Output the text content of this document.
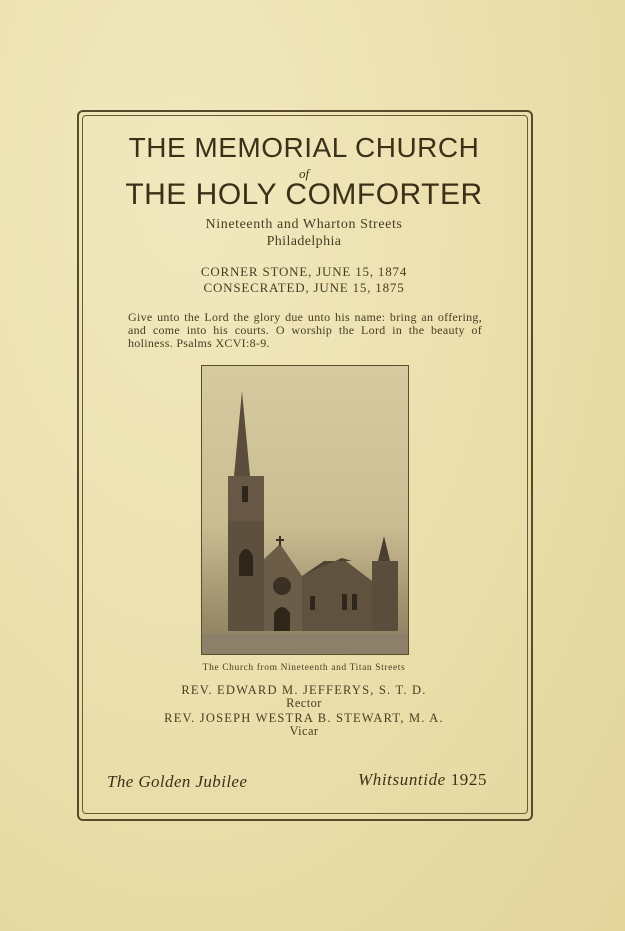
THE MEMORIAL CHURCH
of
THE HOLY COMFORTER
Nineteenth and Wharton Streets
Philadelphia
CORNER STONE, JUNE 15, 1874
CONSECRATED, JUNE 15, 1875
Give unto the Lord the glory due unto his name: bring an offering, and come into his courts. O worship the Lord in the beauty of holiness. Psalms XCVI:8-9.
The Church from Nineteenth and Titan Streets
REV. EDWARD M. JEFFERYS, S. T. D.
Rector
REV. JOSEPH WESTRA B. STEWART, M. A.
Vicar
The Golden Jubilee	Whitsuntide 1925
